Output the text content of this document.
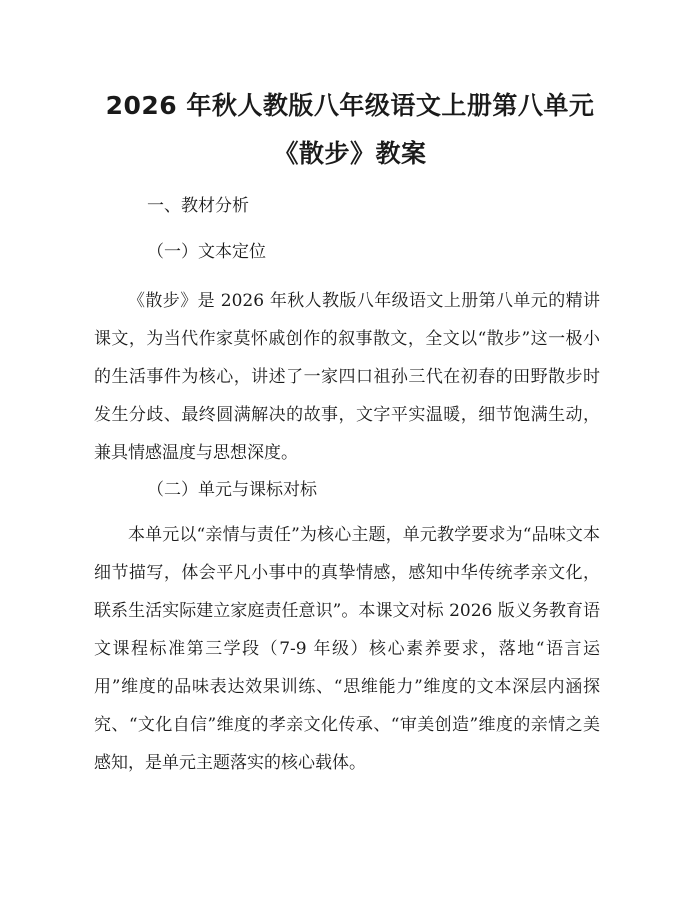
2026 年秋人教版八年级语文上册第八单元
《散步》教案
一、教材分析
（一）文本定位

《散步》是 2026 年秋人教版八年级语文上册第八单元的精讲课文，为当代作家莫怀戚创作的叙事散文，全文以“散步”这一极小的生活事件为核心，讲述了一家四口祖孙三代在初春的田野散步时发生分歧、最终圆满解决的故事，文字平实温暖，细节饱满生动，兼具情感温度与思想深度。

（二）单元与课标对标

本单元以“亲情与责任”为核心主题，单元教学要求为“品味文本细节描写，体会平凡小事中的真挚情感，感知中华传统孝亲文化，联系生活实际建立家庭责任意识”。本课文对标 2026 版义务教育语文课程标准第三学段（7-9 年级）核心素养要求，落地“语言运用”维度的品味表达效果训练、“思维能力”维度的文本深层内涵探究、“文化自信”维度的孝亲文化传承、“审美创造”维度的亲情之美感知，是单元主题落实的核心载体。
